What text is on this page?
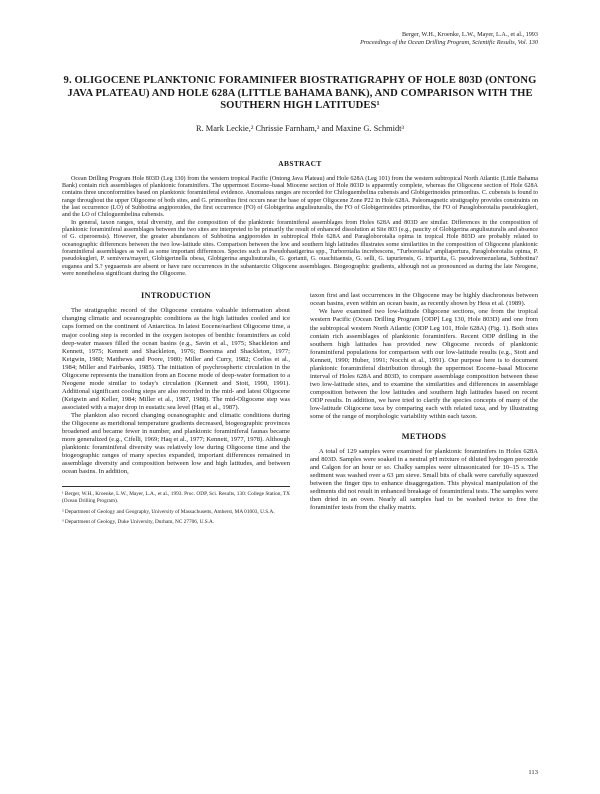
Berger, W.H., Kroenke, L.W., Mayer, L.A., et al., 1993
Proceedings of the Ocean Drilling Program, Scientific Results, Vol. 130
9. OLIGOCENE PLANKTONIC FORAMINIFER BIOSTRATIGRAPHY OF HOLE 803D (ONTONG JAVA PLATEAU) AND HOLE 628A (LITTLE BAHAMA BANK), AND COMPARISON WITH THE SOUTHERN HIGH LATITUDES¹
R. Mark Leckie,² Chrissie Farnham,³ and Maxine G. Schmidt³
ABSTRACT

Ocean Drilling Program Hole 803D (Leg 130) from the western tropical Pacific (Ontong Java Plateau) and Hole 628A (Leg 101) from the western subtropical North Atlantic (Little Bahama Bank) contain rich assemblages of planktonic foraminifers. The uppermost Eocene–basal Miocene section of Hole 803D is apparently complete, whereas the Oligocene section of Hole 628A contains three unconformities based on planktonic foraminiferal evidence. Anomalous ranges are recorded for Chiloguembelina cubensis and Globigerinoides primordius. C. cubensis is found to range throughout the upper Oligocene of both sites, and G. primordius first occurs near the base of upper Oligocene Zone P22 in Hole 628A. Paleomagnetic stratigraphy provides constraints on the last occurrence (LO) of Subbotina angiporoides, the first occurrence (FO) of Globigerina angulisuturalis, the FO of Globigerinoides primordius, the FO of Paragloborotalia pseudokugleri, and the LO of Chiloguembelina cubensis.

In general, taxon ranges, total diversity, and the composition of the planktonic foraminiferal assemblages from Holes 628A and 803D are similar. Differences in the composition of planktonic foraminiferal assemblages between the two sites are interpreted to be primarily the result of enhanced dissolution at Site 803 (e.g., paucity of Globigerina angulisuturalis and absence of G. ciperoensis). However, the greater abundances of Subbotina angiporoides in subtropical Hole 628A and Paragloborotalia opima in tropical Hole 803D are probably related to oceanographic differences between the two low-latitude sites. Comparison between the low and southern high latitudes illustrates some similarities in the composition of Oligocene planktonic foraminiferal assemblages as well as some important differences. Species such as Pseudohastigerina spp., Turborotalia increbescens, "Turborotalia" ampliapertura, Paragloborotalia opima, P. pseudokugleri, P. semivera/mayeri, Globigerinella obesa, Globigerina angulisuturalis, G. gortanii, G. ouachitaensis, G. selli, G. tapuriensis, G. tripartita, G. pseudovenezuelana, Subbotina? euganea and S.? yeguaensis are absent or have rare occurrences in the subantarctic Oligocene assemblages. Biogeographic gradients, although not as pronounced as during the late Neogene, were nonetheless significant during the Oligocene.

INTRODUCTION

The stratigraphic record of the Oligocene contains valuable information about changing climatic and oceanographic conditions as the high latitudes cooled and ice caps formed on the continent of Antarctica. In latest Eocene/earliest Oligocene time, a major cooling step is recorded in the oxygen isotopes of benthic foraminifers as cold deep-water masses filled the ocean basins (e.g., Savin et al., 1975; Shackleton and Kennett, 1975; Kennett and Shackleton, 1976; Boersma and Shackleton, 1977; Keigwin, 1980; Matthews and Poore, 1980; Miller and Curry, 1982; Corliss et al., 1984; Miller and Fairbanks, 1985). The initiation of psychrospheric circulation in the Oligocene represents the transition from an Eocene mode of deep-water formation to a Neogene mode similar to today's circulation (Kennett and Stott, 1990, 1991). Additional significant cooling steps are also recorded in the mid- and latest Oligocene (Keigwin and Keller, 1984; Miller et al., 1987, 1988). The mid-Oligocene step was associated with a major drop in eustatic sea level (Haq et al., 1987).

The plankton also record changing oceanographic and climatic conditions during the Oligocene as meridional temperature gradients decreased, biogeographic provinces broadened and became fewer in number, and planktonic foraminiferal faunas became more generalized (e.g., Cifelli, 1969; Haq et al., 1977; Kennett, 1977, 1978). Although planktonic foraminiferal diversity was relatively low during Oligocene time and the biogeographic ranges of many species expanded, important differences remained in assemblage diversity and composition between low and high latitudes, and between ocean basins. In addition,

¹ Berger, W.H., Kroenke, L.W., Mayer, L.A., et al., 1993. Proc. ODP, Sci. Results, 130: College Station, TX (Ocean Drilling Program).
² Department of Geology and Geography, University of Massachusetts, Amherst, MA 01003, U.S.A.
³ Department of Geology, Duke University, Durham, NC 27706, U.S.A.

taxon first and last occurrences in the Oligocene may be highly diachronous between ocean basins, even within an ocean basin, as recently shown by Hess et al. (1989).

We have examined two low-latitude Oligocene sections, one from the tropical western Pacific (Ocean Drilling Program [ODP] Leg 130, Hole 803D) and one from the subtropical western North Atlantic (ODP Leg 101, Hole 628A) (Fig. 1). Both sites contain rich assemblages of planktonic foraminifers. Recent ODP drilling in the southern high latitudes has provided new Oligocene records of planktonic foraminiferal populations for comparison with our low-latitude results (e.g., Stott and Kennett, 1990; Huber, 1991; Nocchi et al., 1991). Our purpose here is to document planktonic foraminiferal distribution through the uppermost Eocene–basal Miocene interval of Holes 628A and 803D, to compare assemblage composition between these two low-latitude sites, and to examine the similarities and differences in assemblage composition between the low latitudes and southern high latitudes based on recent ODP results. In addition, we have tried to clarify the species concepts of many of the low-latitude Oligocene taxa by comparing each with related taxa, and by illustrating some of the range of morphologic variability within each taxon.

METHODS

A total of 129 samples were examined for planktonic foraminifers in Holes 628A and 803D. Samples were soaked in a neutral pH mixture of diluted hydrogen peroxide and Calgon for an hour or so. Chalky samples were ultrasonicated for 10–15 s. The sediment was washed over a 63 µm sieve. Small bits of chalk were carefully squeezed between the finger tips to enhance disaggregation. This physical manipulation of the sediments did not result in enhanced breakage of foraminiferal tests. The samples were then dried in an oven. Nearly all samples had to be washed twice to free the foraminifer tests from the chalky matrix.

113
